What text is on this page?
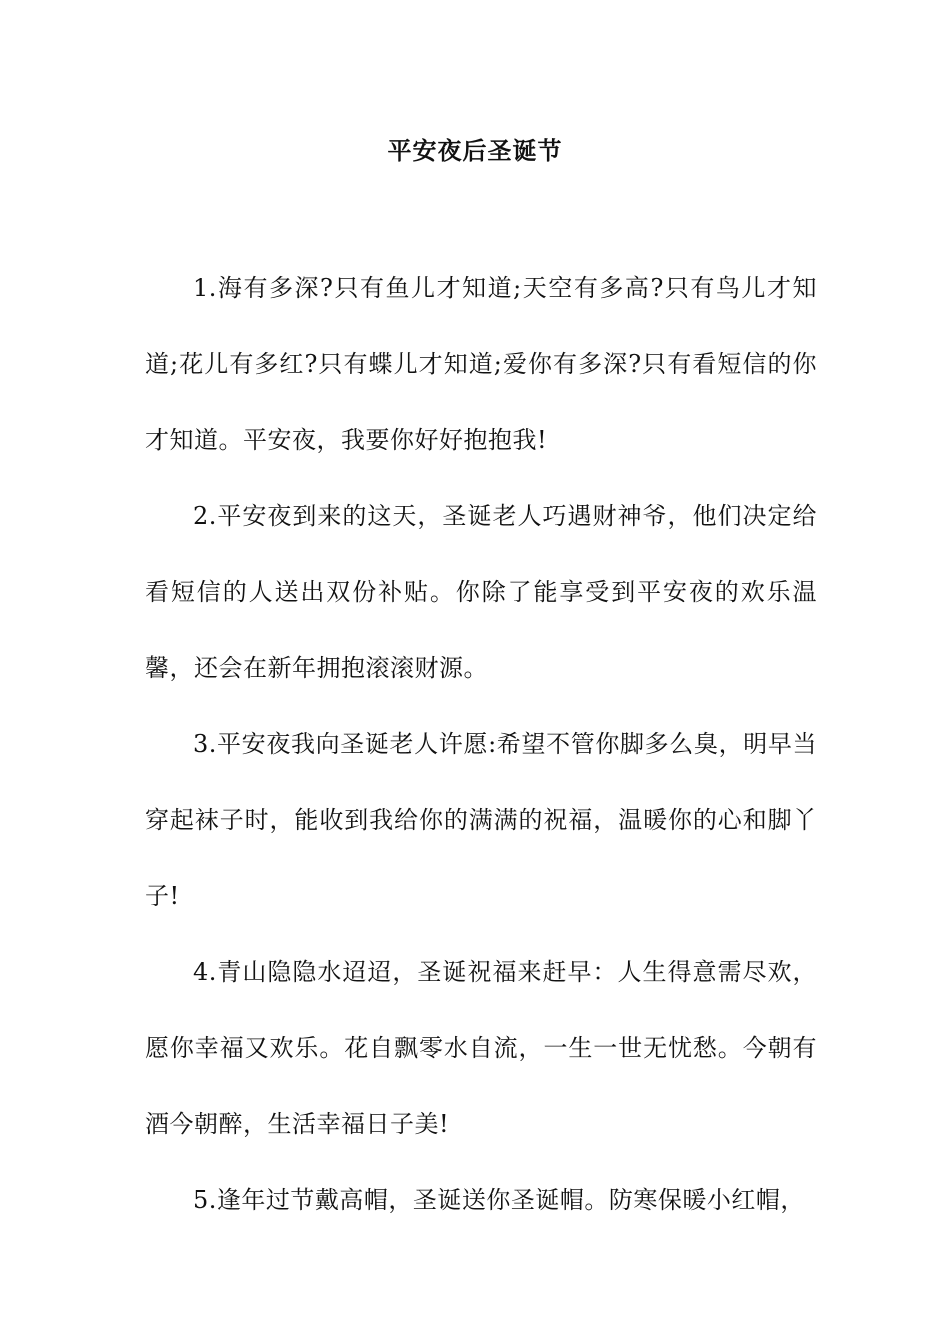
平安夜后圣诞节

1.海有多深?只有鱼儿才知道;天空有多高?只有鸟儿才知道;花儿有多红?只有蝶儿才知道;爱你有多深?只有看短信的你才知道。平安夜，我要你好好抱抱我!

2.平安夜到来的这天，圣诞老人巧遇财神爷，他们决定给看短信的人送出双份补贴。你除了能享受到平安夜的欢乐温馨，还会在新年拥抱滚滚财源。

3.平安夜我向圣诞老人许愿:希望不管你脚多么臭，明早当穿起袜子时，能收到我给你的满满的祝福，温暖你的心和脚丫子!

4.青山隐隐水迢迢，圣诞祝福来赶早：人生得意需尽欢，愿你幸福又欢乐。花自飘零水自流，一生一世无忧愁。今朝有酒今朝醉，生活幸福日子美!

5.逢年过节戴高帽，圣诞送你圣诞帽。防寒保暖小红帽，
